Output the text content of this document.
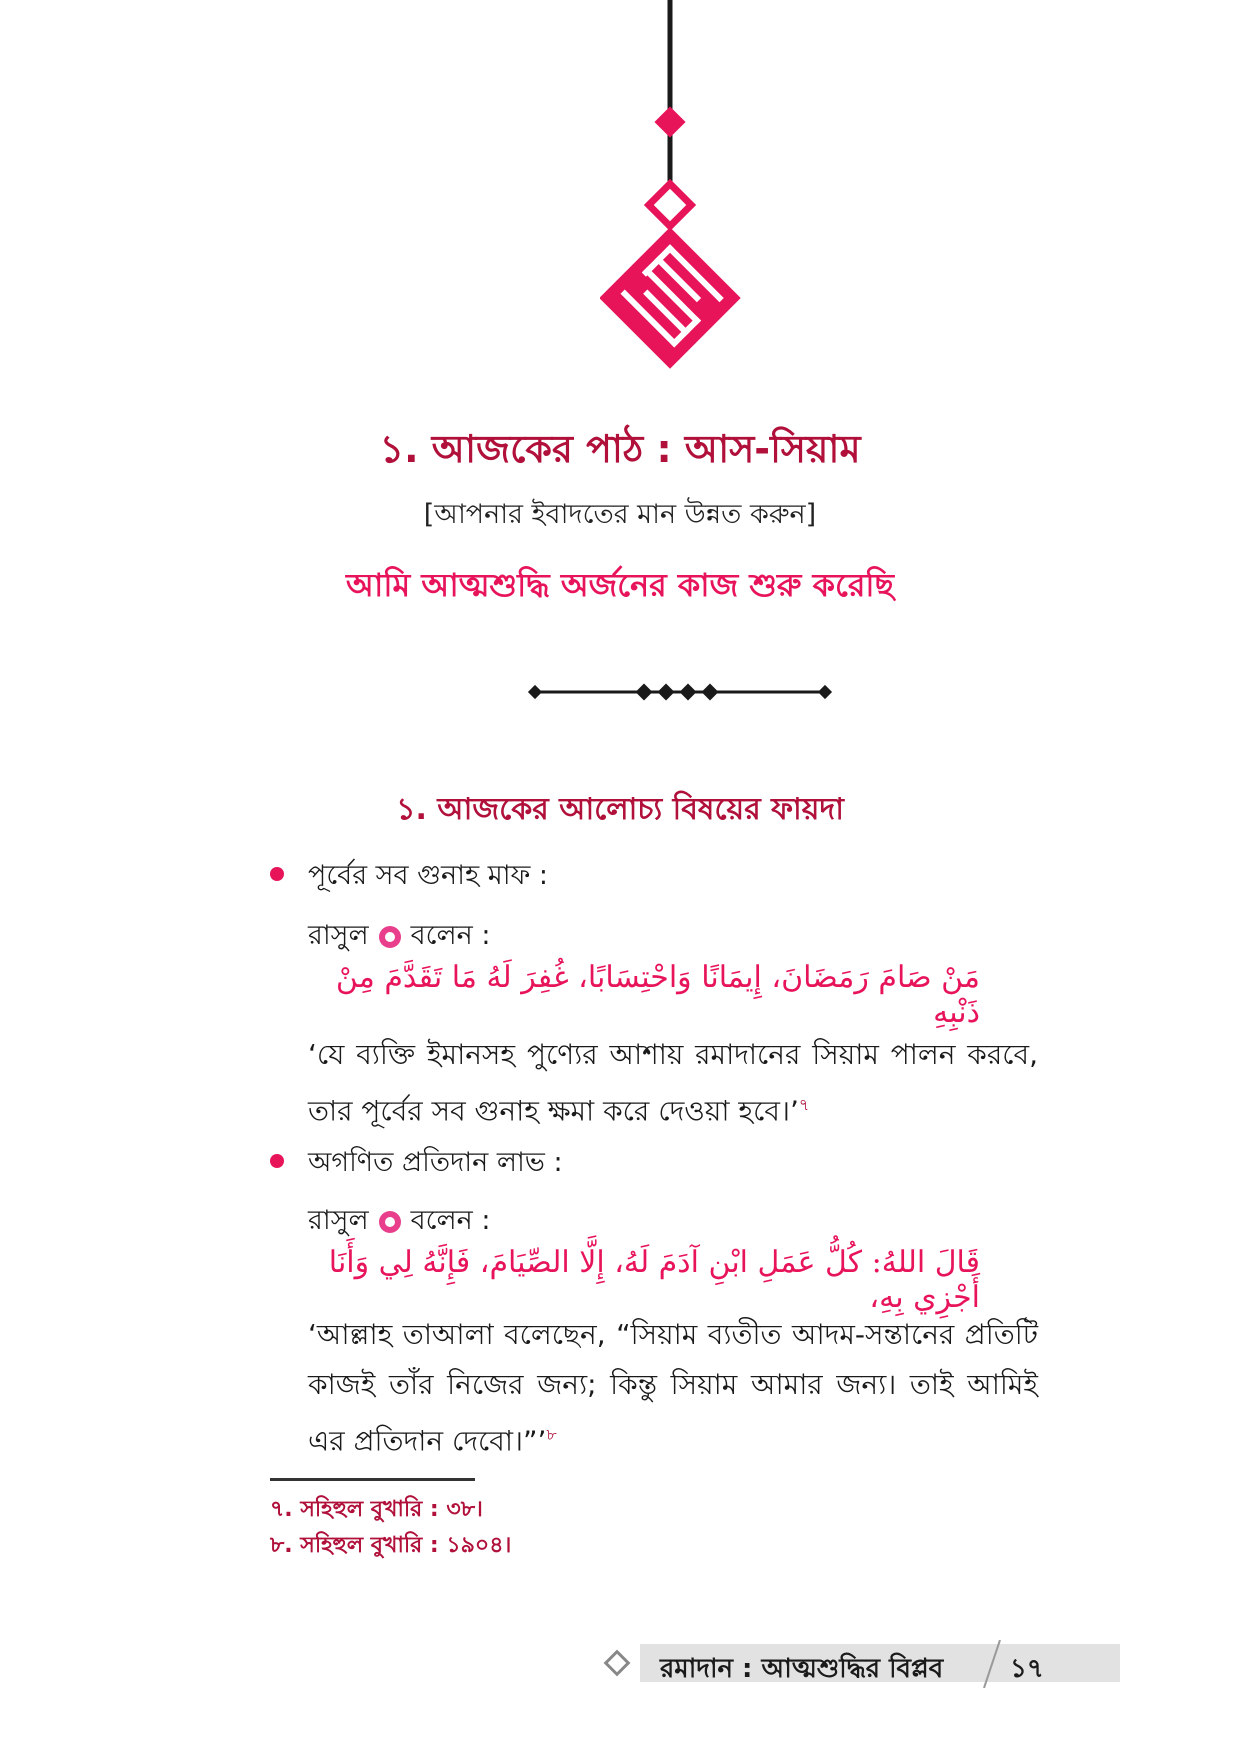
১. আজকের পাঠ : আস-সিয়াম
[আপনার ইবাদতের মান উন্নত করুন]
আমি আত্মশুদ্ধি অর্জনের কাজ শুরু করেছি
১. আজকের আলোচ্য বিষয়ের ফায়দা
পূর্বের সব গুনাহ মাফ :
রাসুল বলেন :
مَنْ صَامَ رَمَضَانَ، إِيمَانًا وَاحْتِسَابًا، غُفِرَ لَهُ مَا تَقَدَّمَ مِنْ ذَنْبِهِ
‘যে ব্যক্তি ইমানসহ পুণ্যের আশায় রমাদানের সিয়াম পালন করবে, তার পূর্বের সব গুনাহ ক্ষমা করে দেওয়া হবে।’$^৭$
অগণিত প্রতিদান লাভ :
রাসুল বলেন :
قَالَ اللهُ: كُلُّ عَمَلِ ابْنِ آدَمَ لَهُ، إِلَّا الصِّيَامَ، فَإِنَّهُ لِي وَأَنَا أَجْزِي بِهِ،
‘আল্লাহ তাআলা বলেছেন, “সিয়াম ব্যতীত আদম-সন্তানের প্রতিটি কাজই তাঁর নিজের জন্য; কিন্তু সিয়াম আমার জন্য। তাই আমিই এর প্রতিদান দেবো।”’$^৮$
৭. সহিহুল বুখারি : ৩৮।
৮. সহিহুল বুখারি : ১৯০৪।
রমাদান : আত্মশুদ্ধির বিপ্লব	১৭
